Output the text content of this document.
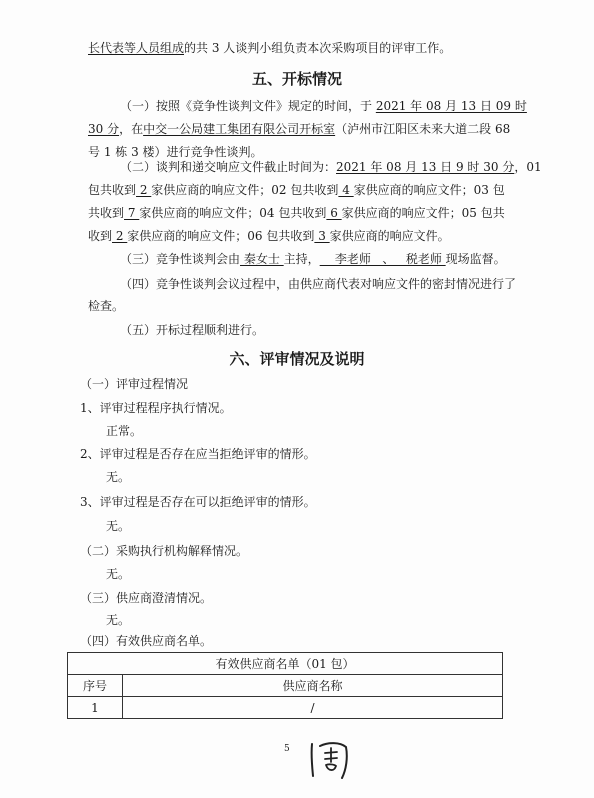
长代表等人员组成的共 3 人谈判小组负责本次采购项目的评审工作。
五、开标情况
（一）按照《竞争性谈判文件》规定的时间，于 2021 年 08 月 13 日 09 时
30 分，在中交一公局建工集团有限公司开标室（泸州市江阳区未来大道二段 68
号 1 栋 3 楼）进行竞争性谈判。
（二）谈判和递交响应文件截止时间为：2021 年 08 月 13 日 9 时 30 分，01
包共收到 2 家供应商的响应文件；02 包共收到 4 家供应商的响应文件；03 包
共收到 7 家供应商的响应文件；04 包共收到 6 家供应商的响应文件；05 包共
收到 2 家供应商的响应文件；06 包共收到 3 家供应商的响应文件。
（三）竞争性谈判会由 秦女士 主持，    李老师   、   税老师 现场监督。
（四）竞争性谈判会议过程中，由供应商代表对响应文件的密封情况进行了
检查。
（五）开标过程顺利进行。
六、评审情况及说明
（一）评审过程情况
1、评审过程程序执行情况。
正常。
2、评审过程是否存在应当拒绝评审的情形。
无。
3、评审过程是否存在可以拒绝评审的情形。
无。
（二）采购执行机构解释情况。
无。
（三）供应商澄清情况。
无。
（四）有效供应商名单。
有效供应商名单（01 包）	
序号	供应商名称
1	/
5
